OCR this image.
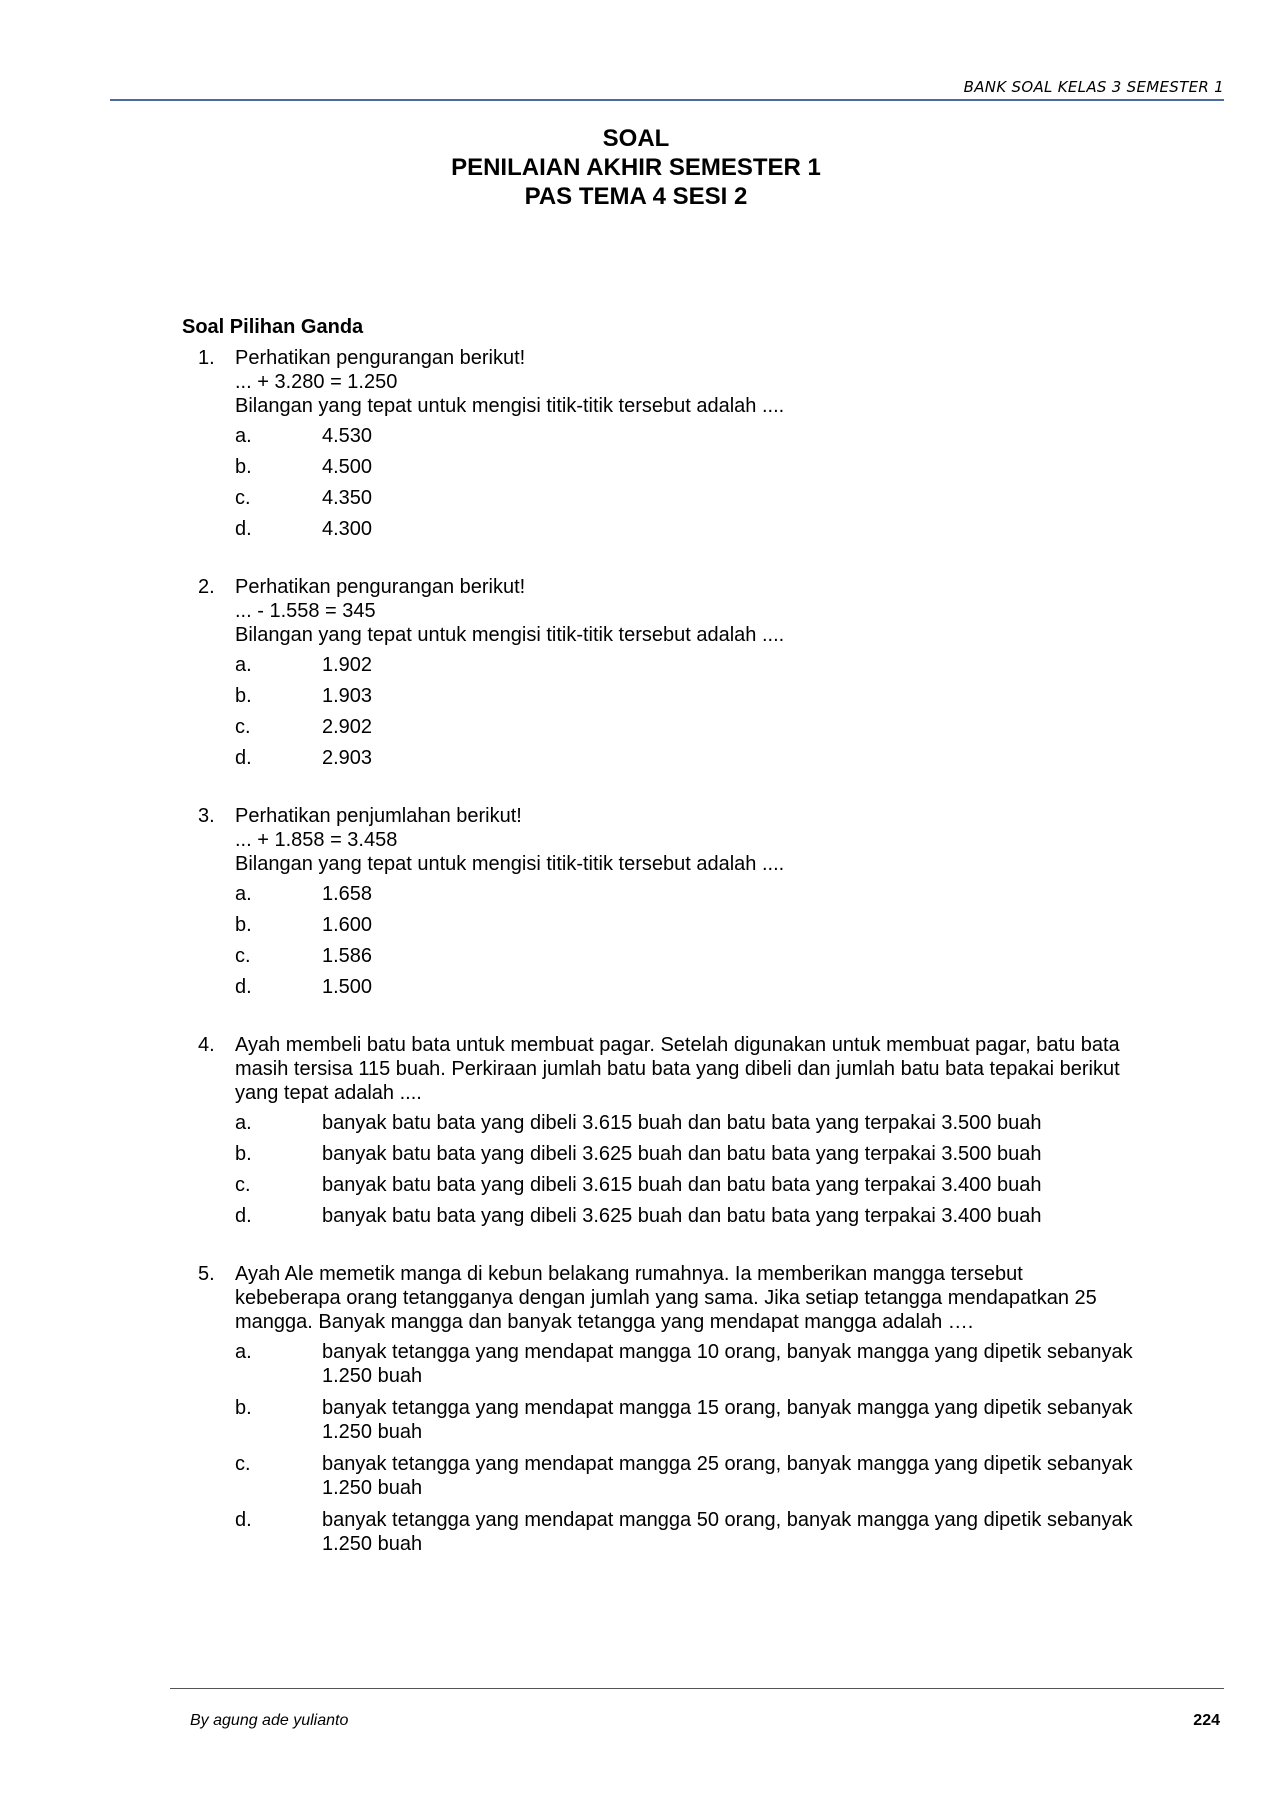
BANK SOAL KELAS 3 SEMESTER 1
SOAL
PENILAIAN AKHIR SEMESTER 1
PAS TEMA 4 SESI 2
Soal Pilihan Ganda
1. Perhatikan pengurangan berikut!
... + 3.280 = 1.250
Bilangan yang tepat untuk mengisi titik-titik tersebut adalah ....
a.	4.530
b.	4.500
c.	4.350
d.	4.300
2. Perhatikan pengurangan berikut!
... - 1.558 = 345
Bilangan yang tepat untuk mengisi titik-titik tersebut adalah ....
a.	1.902
b.	1.903
c.	2.902
d.	2.903
3. Perhatikan penjumlahan berikut!
... + 1.858 = 3.458
Bilangan yang tepat untuk mengisi titik-titik tersebut adalah ....
a.	1.658
b.	1.600
c.	1.586
d.	1.500
4. Ayah membeli batu bata untuk membuat pagar. Setelah digunakan untuk membuat pagar, batu bata
masih tersisa 115 buah. Perkiraan jumlah batu bata yang dibeli dan jumlah batu bata tepakai berikut
yang tepat adalah ....
a.	banyak batu bata yang dibeli 3.615 buah dan batu bata yang terpakai 3.500 buah
b.	banyak batu bata yang dibeli 3.625 buah dan batu bata yang terpakai 3.500 buah
c.	banyak batu bata yang dibeli 3.615 buah dan batu bata yang terpakai 3.400 buah
d.	banyak batu bata yang dibeli 3.625 buah dan batu bata yang terpakai 3.400 buah
5. Ayah Ale memetik manga di kebun belakang rumahnya. Ia memberikan mangga tersebut
kebeberapa orang tetangganya dengan jumlah yang sama. Jika setiap tetangga mendapatkan 25
mangga. Banyak mangga dan banyak tetangga yang mendapat mangga adalah ….
a.	banyak tetangga yang mendapat mangga 10 orang, banyak mangga yang dipetik sebanyak 1.250 buah
b.	banyak tetangga yang mendapat mangga 15 orang, banyak mangga yang dipetik sebanyak 1.250 buah
c.	banyak tetangga yang mendapat mangga 25 orang, banyak mangga yang dipetik sebanyak 1.250 buah
d.	banyak tetangga yang mendapat mangga 50 orang, banyak mangga yang dipetik sebanyak 1.250 buah
By agung ade yulianto	224
